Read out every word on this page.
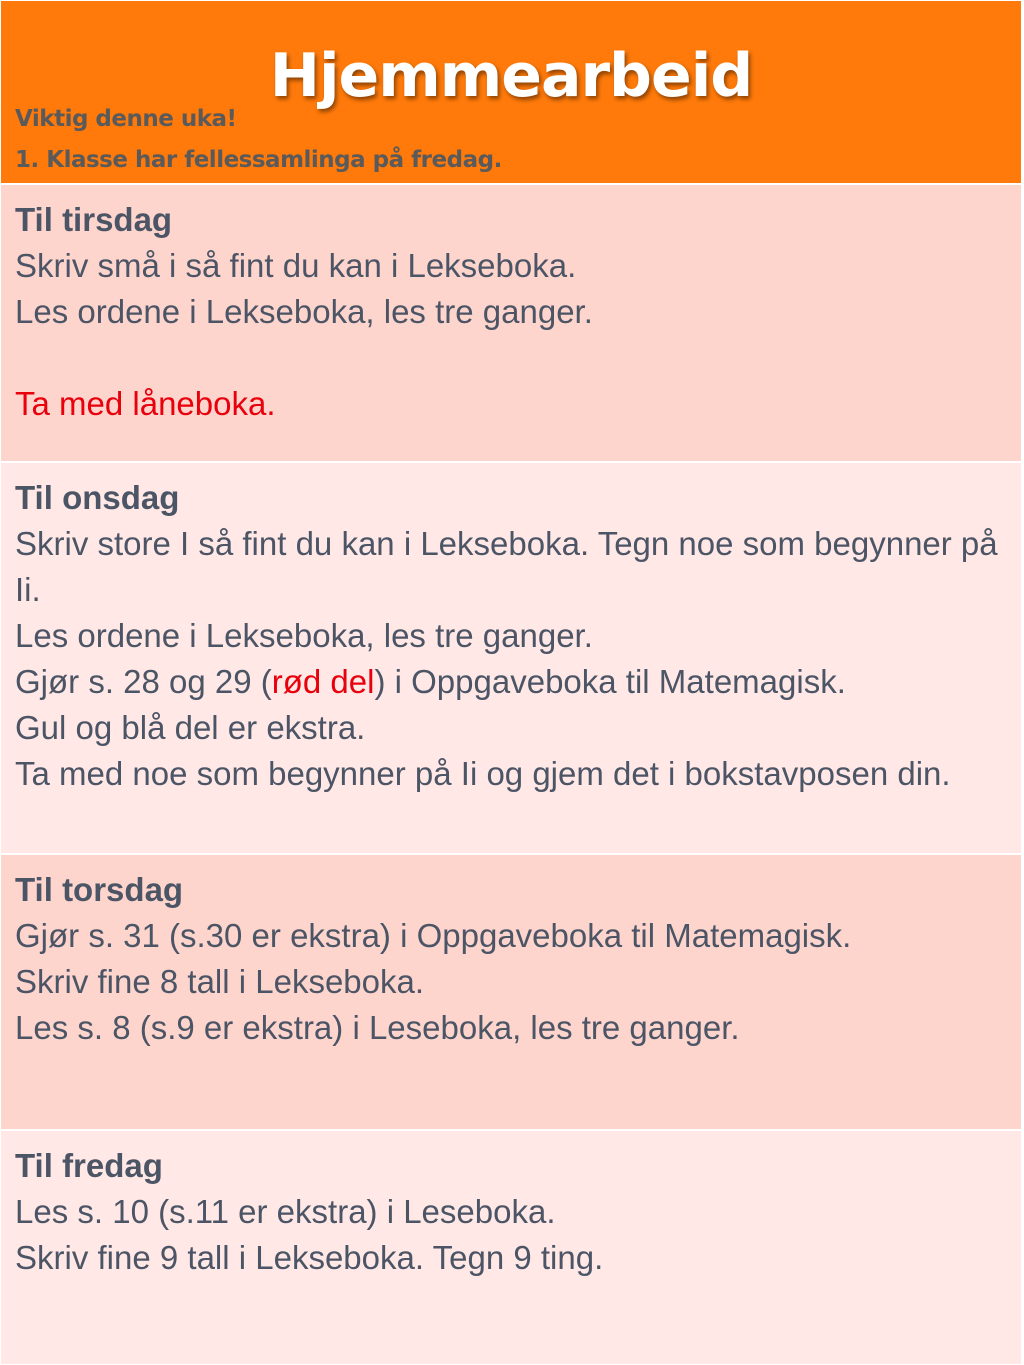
Hjemmearbeid
Viktig denne uka!
1. Klasse har fellessamlinga på fredag.
Til tirsdag
Skriv små i så fint du kan i Lekseboka.
Les ordene i Lekseboka, les tre ganger.
Ta med låneboka.
Til onsdag
Skriv store I så fint du kan i Lekseboka. Tegn noe som begynner på Ii.
Les ordene i Lekseboka, les tre ganger.
Gjør s. 28 og 29 (rød del) i Oppgaveboka til Matemagisk.
Gul og blå del er ekstra.
Ta med noe som begynner på Ii og gjem det i bokstavposen din.
Til torsdag
Gjør s. 31 (s.30 er ekstra) i Oppgaveboka til Matemagisk.
Skriv fine 8 tall i Lekseboka.
Les s. 8 (s.9 er ekstra) i Leseboka, les tre ganger.
Til fredag
Les s. 10 (s.11 er ekstra) i Leseboka.
Skriv fine 9 tall i Lekseboka. Tegn 9 ting.
